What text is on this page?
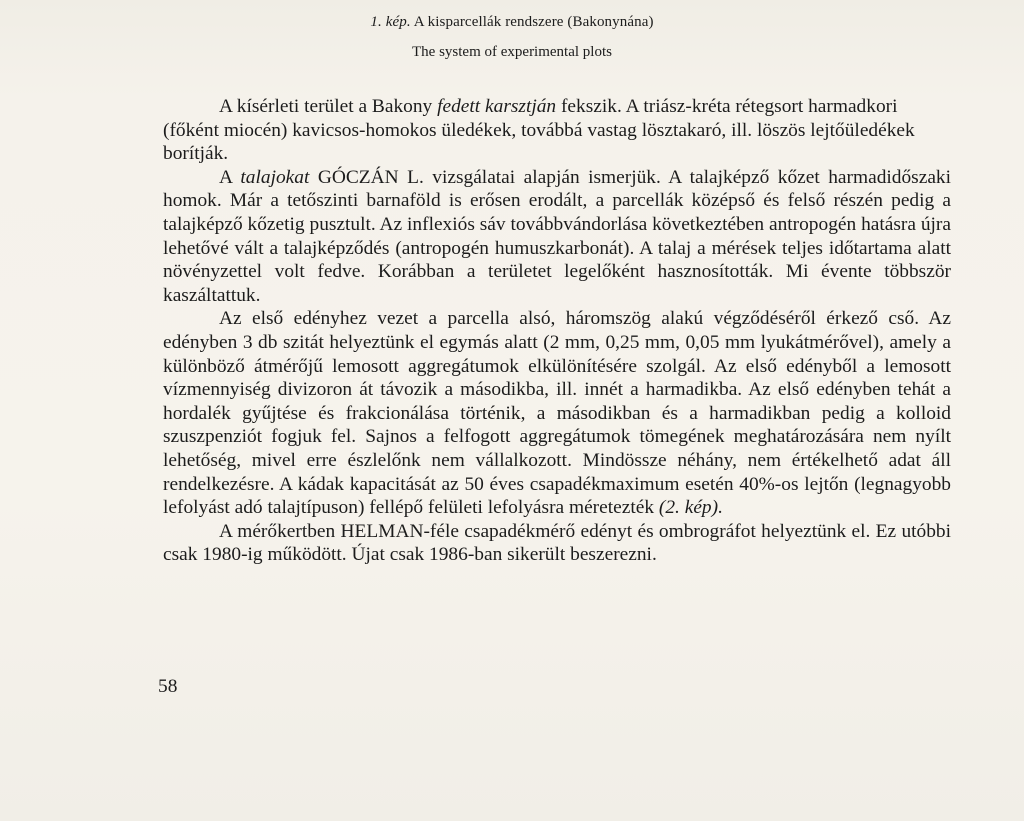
1. kép. A kisparcellák rendszere (Bakonynána)
The system of experimental plots

A kísérleti terület a Bakony fedett karsztján fekszik. A triász-kréta rétegsort harmadkori (főként miocén) kavicsos-homokos üledékek, továbbá vastag lösztakaró, ill. löszös lejtőüledékek borítják.

A talajokat GÓCZÁN L. vizsgálatai alapján ismerjük. A talajképző kőzet harmadidőszaki homok. Már a tetőszinti barnaföld is erősen erodált, a parcellák középső és felső részén pedig a talajképző kőzetig pusztult. Az inflexiós sáv továbbvándorlása következtében antropogén hatásra újra lehetővé vált a talajképződés (antropogén humuszkarbonát). A talaj a mérések teljes időtartama alatt növényzettel volt fedve. Korábban a területet legelőként hasznosították. Mi évente többször kaszáltattuk.

Az első edényhez vezet a parcella alsó, háromszög alakú végződéséről érkező cső. Az edényben 3 db szitát helyeztünk el egymás alatt (2 mm, 0,25 mm, 0,05 mm lyukátmérővel), amely a különböző átmérőjű lemosott aggregátumok elkülönítésére szolgál. Az első edényből a lemosott vízmennyiség divizoron át távozik a másodikba, ill. innét a harmadikba. Az első edényben tehát a hordalék gyűjtése és frakcionálása történik, a másodikban és a harmadikban pedig a kolloid szuszpenziót fogjuk fel. Sajnos a felfogott aggregátumok tömegének meghatározására nem nyílt lehetőség, mivel erre észlelőnk nem vállalkozott. Mindössze néhány, nem értékelhető adat áll rendelkezésre. A kádak kapacitását az 50 éves csapadékmaximum esetén 40%-os lejtőn (legnagyobb lefolyást adó talajtípuson) fellépő felületi lefolyásra méretezték (2. kép).

A mérőkertben HELMAN-féle csapadékmérő edényt és ombrográfot helyeztünk el. Ez utóbbi csak 1980-ig működött. Újat csak 1986-ban sikerült beszerezni.

58
